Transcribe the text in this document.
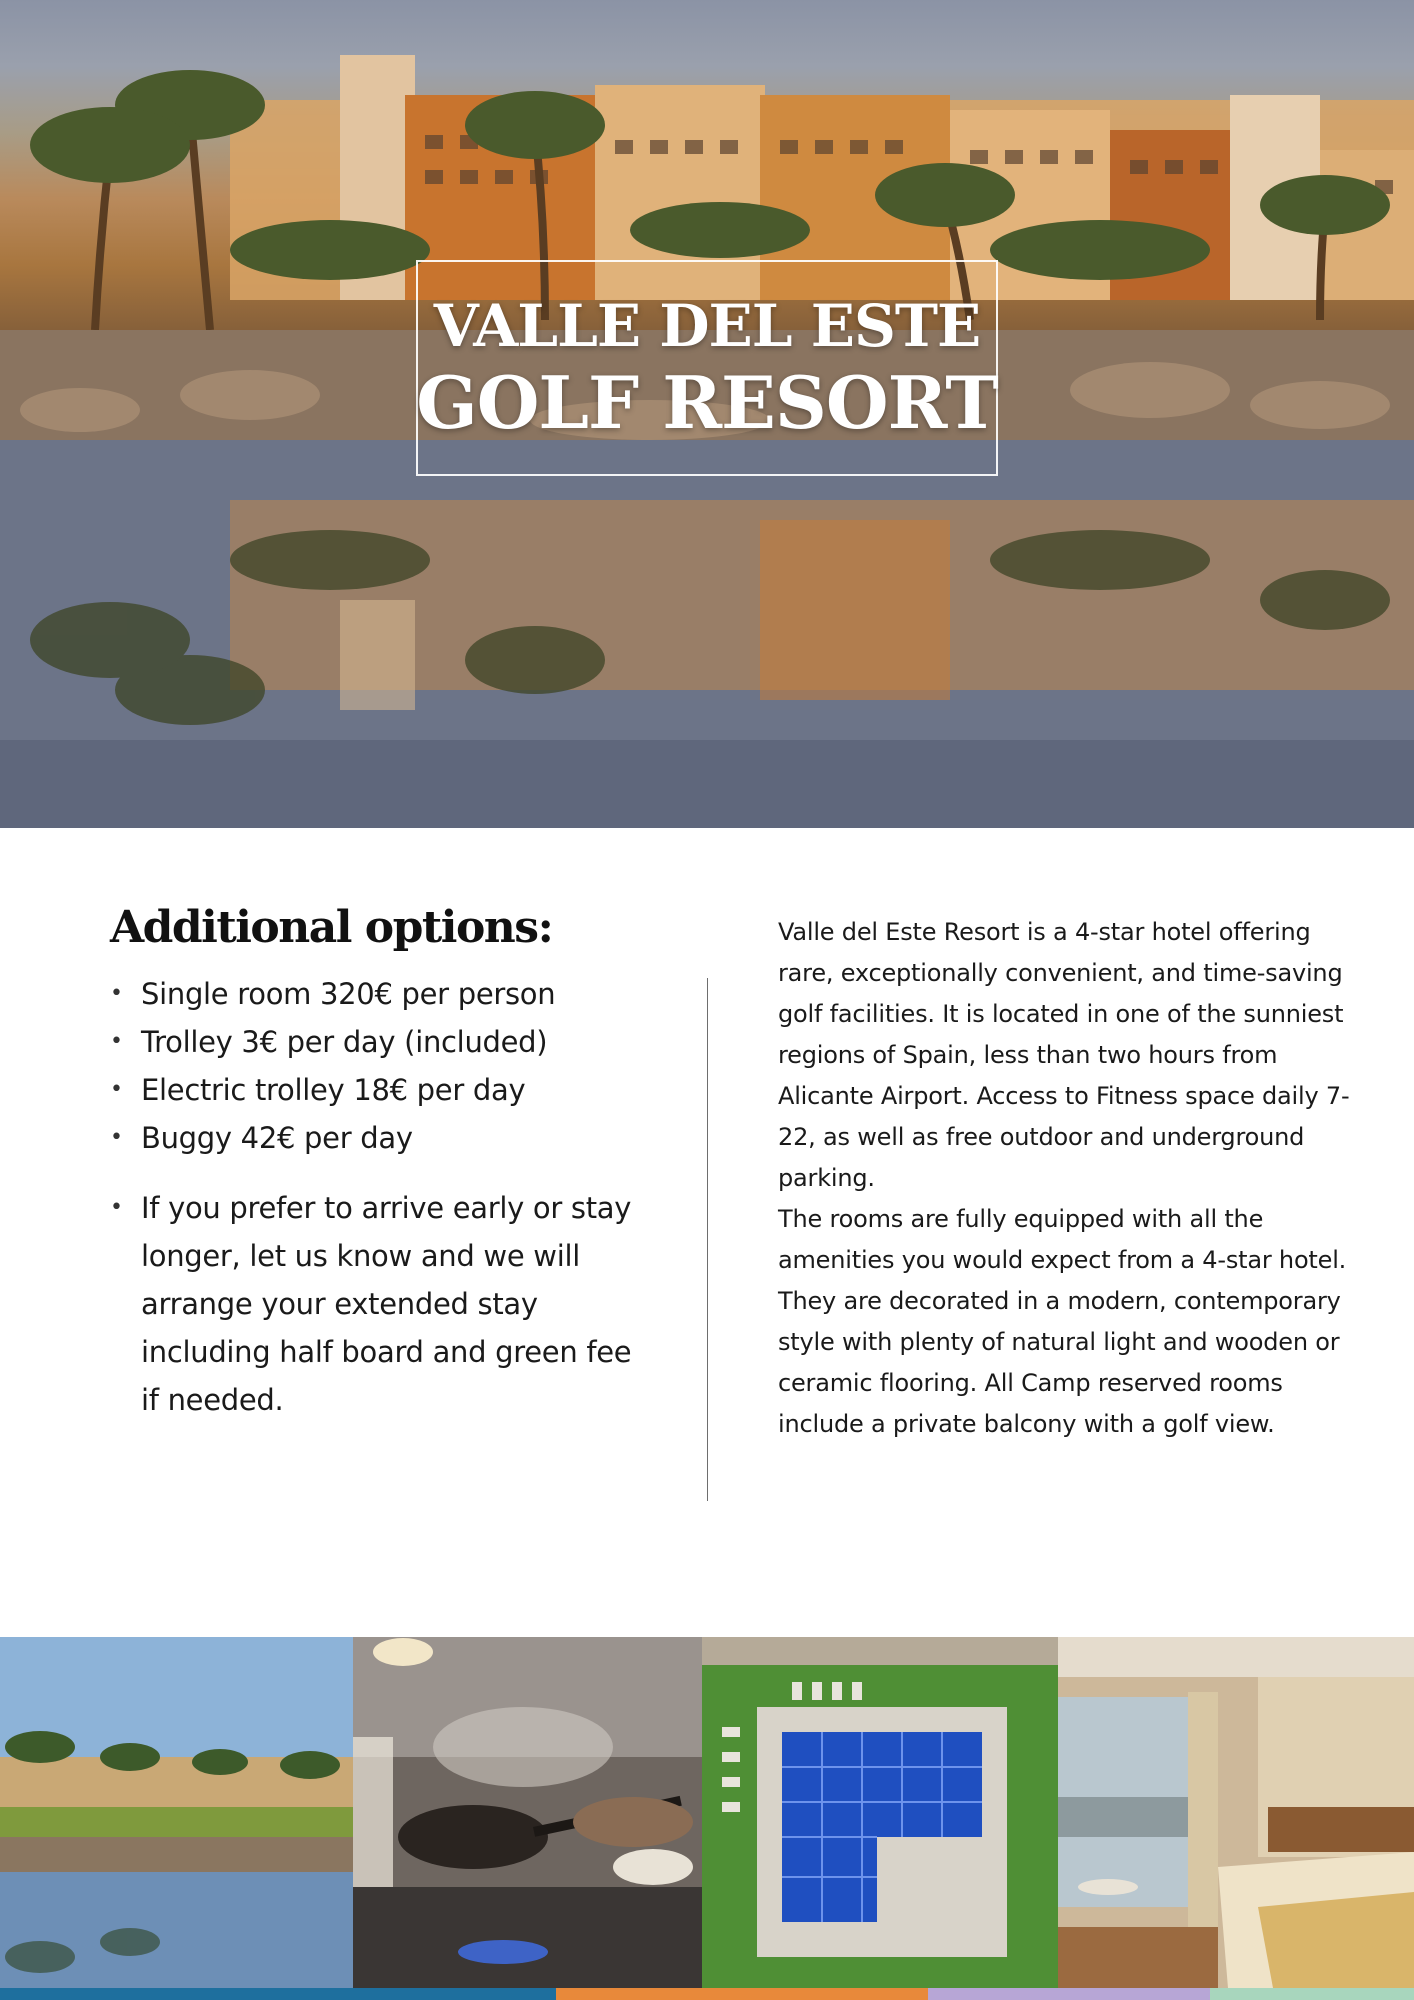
VALLE DEL ESTE
GOLF RESORT
Additional options:
• Single room 320€ per person
• Trolley 3€ per day (included)
• Electric trolley 18€ per day
• Buggy 42€ per day
• If you prefer to arrive early or stay longer, let us know and we will arrange your extended stay including half board and green fee if needed.

Valle del Este Resort is a 4-star hotel offering rare, exceptionally convenient, and time-saving golf facilities. It is located in one of the sunniest regions of Spain, less than two hours from Alicante Airport. Access to Fitness space daily 7-22, as well as free outdoor and underground parking.

The rooms are fully equipped with all the amenities you would expect from a 4-star hotel. They are decorated in a modern, contemporary style with plenty of natural light and wooden or ceramic flooring. All Camp reserved rooms include a private balcony with a golf view.
